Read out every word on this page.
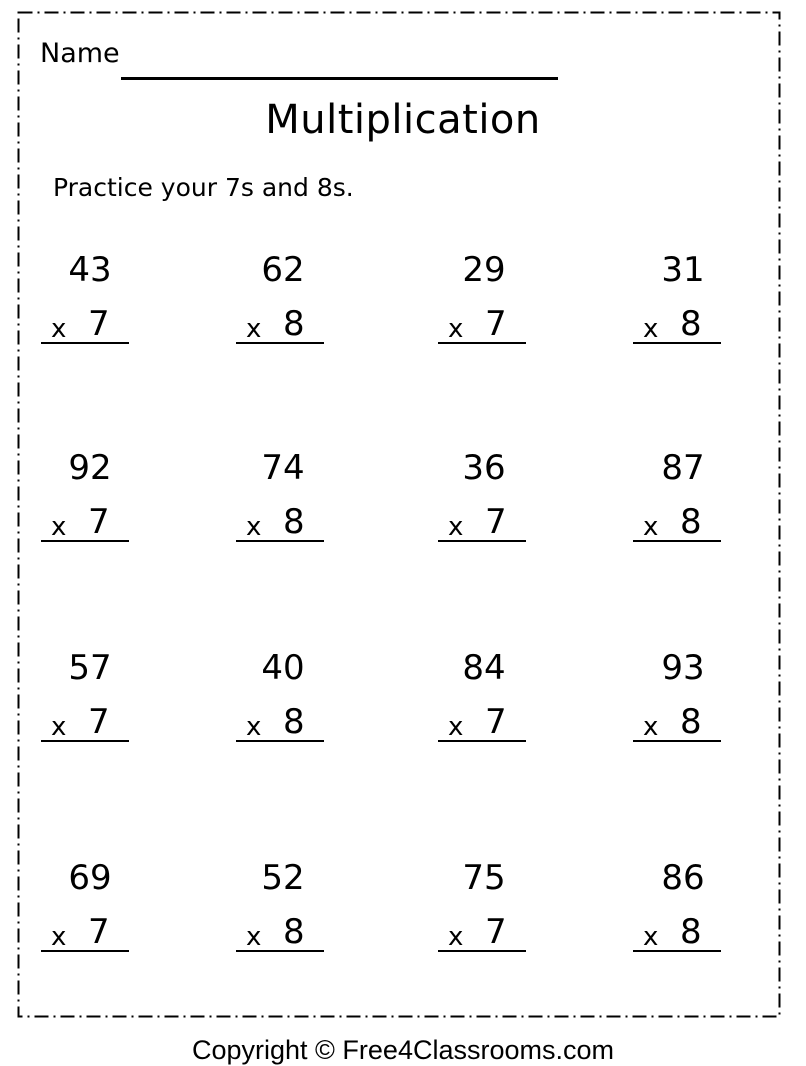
Name
Multiplication
Practice your 7s and 8s.
43
x 7
62
x 8
29
x 7
31
x 8
92
x 7
74
x 8
36
x 7
87
x 8
57
x 7
40
x 8
84
x 7
93
x 8
69
x 7
52
x 8
75
x 7
86
x 8
Copyright © Free4Classrooms.com
